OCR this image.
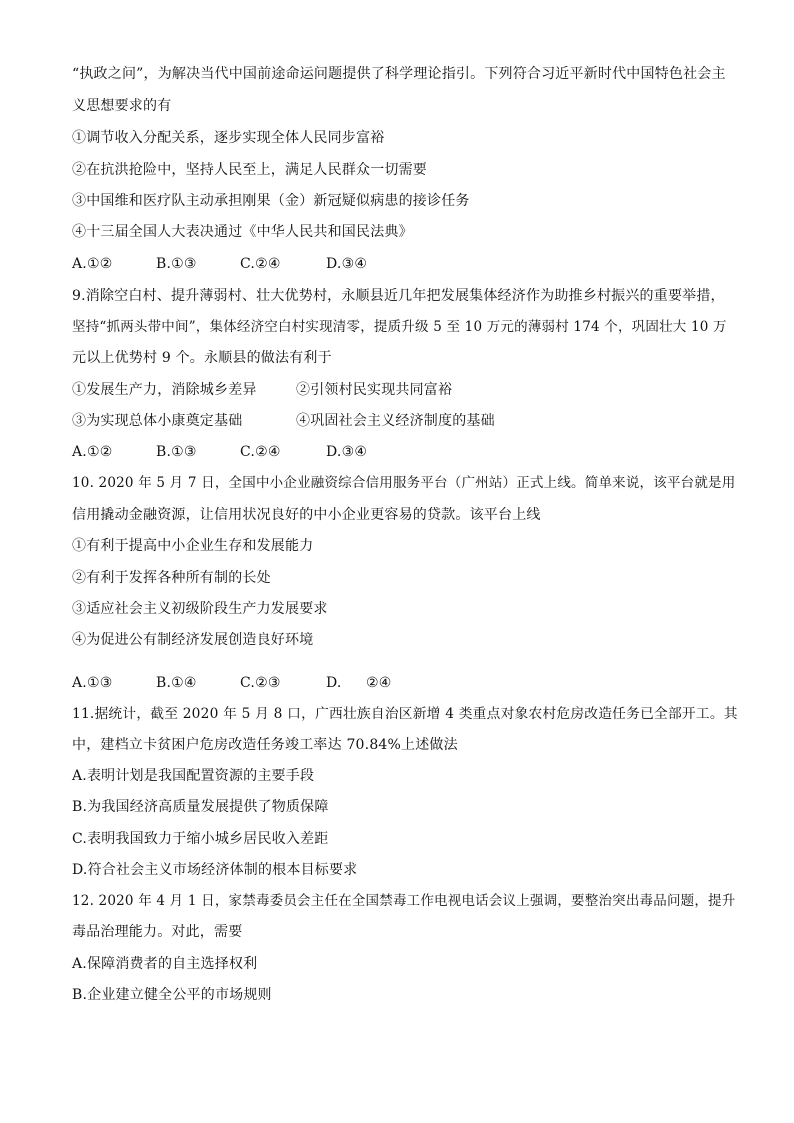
“执政之问”，为解决当代中国前途命运问题提供了科学理论指引。下列符合习近平新时代中国特色社会主
义思想要求的有
①调节收入分配关系，逐步实现全体人民同步富裕
②在抗洪抢险中，坚持人民至上，满足人民群众一切需要
③中国维和医疗队主动承担刚果（金）新冠疑似病患的接诊任务
④十三届全国人大表决通过《中华人民共和国民法典》
A.①②	B.①③	C.②④	D.③④
9.消除空白村、提升薄弱村、壮大优势村，永顺县近几年把发展集体经济作为助推乡村振兴的重要举措，
坚持“抓两头带中间”，集体经济空白村实现清零，提质升级 5 至 10 万元的薄弱村 174 个，巩固壮大 10 万
元以上优势村 9 个。永顺县的做法有利于
①发展生产力，消除城乡差异	②引领村民实现共同富裕
③为实现总体小康奠定基础	④巩固社会主义经济制度的基础
A.①②	B.①③	C.②④	D.③④
10. 2020 年 5 月 7 日，全国中小企业融资综合信用服务平台（广州站）正式上线。简单来说，该平台就是用
信用撬动金融资源，让信用状况良好的中小企业更容易的贷款。该平台上线
①有利于提高中小企业生存和发展能力
②有利于发挥各种所有制的长处
③适应社会主义初级阶段生产力发展要求
④为促进公有制经济发展创造良好环境
A.①③	B.①④	C.②③	D. ②④
11.据统计，截至 2020 年 5 月 8 口，广西壮族自治区新增 4 类重点对象农村危房改造任务已全部开工。其
中，建档立卡贫困户危房改造任务竣工率达 70.84%上述做法
A.表明计划是我国配置资源的主要手段
B.为我国经济高质量发展提供了物质保障
C.表明我国致力于缩小城乡居民收入差距
D.符合社会主义市场经济体制的根本目标要求
12. 2020 年 4 月 1 日，家禁毒委员会主任在全国禁毒工作电视电话会议上强调，要整治突出毒品问题，提升
毒品治理能力。对此，需要
A.保障消费者的自主选择权利
B.企业建立健全公平的市场规则
